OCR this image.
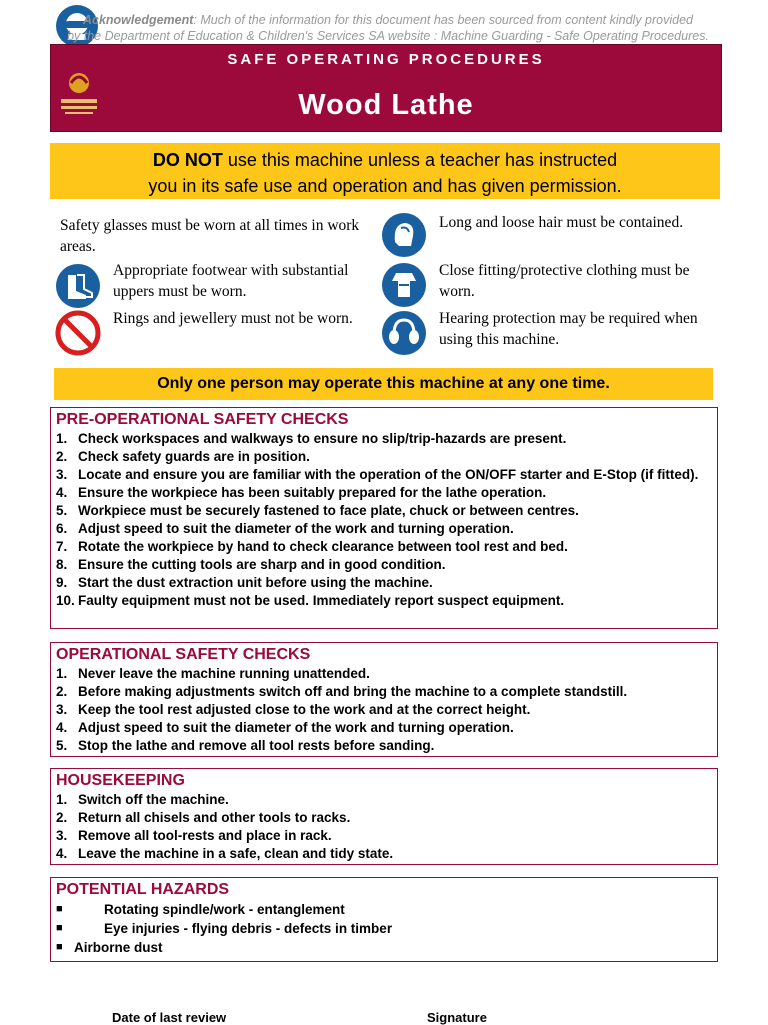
Acknowledgement: Much of the information for this document has been sourced from content kindly provided
by the Department of Education & Children's Services SA website : Machine Guarding - Safe Operating Procedures.
SAFE OPERATING PROCEDURES
Wood Lathe
DO NOT use this machine unless a teacher has instructed
you in its safe use and operation and has given permission.
Safety glasses must be worn at all times in work areas.
Appropriate footwear with substantial uppers must be worn.
Rings and jewellery must not be worn.
Long and loose hair must be contained.
Close fitting/protective clothing must be worn.
Hearing protection may be required when using this machine.
Only one person may operate this machine at any one time.
PRE-OPERATIONAL SAFETY CHECKS
1. Check workspaces and walkways to ensure no slip/trip-hazards are present.
2. Check safety guards are in position.
3. Locate and ensure you are familiar with the operation of the ON/OFF starter and E-Stop (if fitted).
4. Ensure the workpiece has been suitably prepared for the lathe operation.
5. Workpiece must be securely fastened to face plate, chuck or between centres.
6. Adjust speed to suit the diameter of the work and turning operation.
7. Rotate the workpiece by hand to check clearance between tool rest and bed.
8. Ensure the cutting tools are sharp and in good condition.
9. Start the dust extraction unit before using the machine.
10. Faulty equipment must not be used. Immediately report suspect equipment.
OPERATIONAL SAFETY CHECKS
1. Never leave the machine running unattended.
2. Before making adjustments switch off and bring the machine to a complete standstill.
3. Keep the tool rest adjusted close to the work and at the correct height.
4. Adjust speed to suit the diameter of the work and turning operation.
5. Stop the lathe and remove all tool rests before sanding.
HOUSEKEEPING
1. Switch off the machine.
2. Return all chisels and other tools to racks.
3. Remove all tool-rests and place in rack.
4. Leave the machine in a safe, clean and tidy state.
POTENTIAL HAZARDS
■	Rotating spindle/work - entanglement
■	Eye injuries - flying debris - defects in timber
■ Airborne dust
Date of last review	Signature
